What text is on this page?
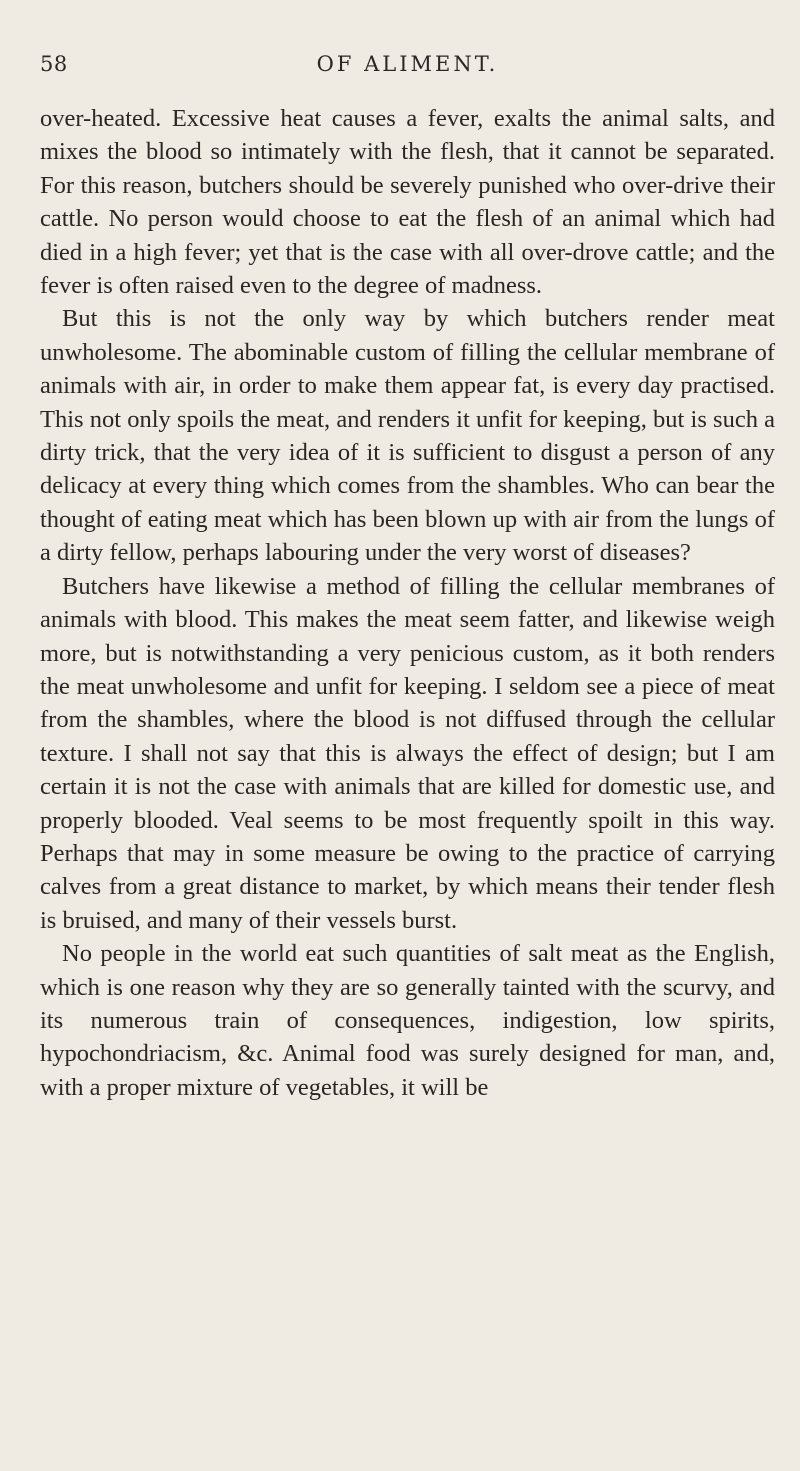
58	OF ALIMENT.

over-heated. Excessive heat causes a fever, exalts the animal salts, and mixes the blood so intimately with the flesh, that it cannot be separated. For this reason, butchers should be severely punished who over-drive their cattle. No person would choose to eat the flesh of an animal which had died in a high fever; yet that is the case with all over-drove cattle; and the fever is often raised even to the degree of madness.

But this is not the only way by which butchers render meat unwholesome. The abominable custom of filling the cellular membrane of animals with air, in order to make them appear fat, is every day practised. This not only spoils the meat, and renders it unfit for keeping, but is such a dirty trick, that the very idea of it is sufficient to disgust a person of any delicacy at every thing which comes from the shambles. Who can bear the thought of eating meat which has been blown up with air from the lungs of a dirty fellow, perhaps labouring under the very worst of diseases?

Butchers have likewise a method of filling the cellular membranes of animals with blood. This makes the meat seem fatter, and likewise weigh more, but is notwithstanding a very penicious custom, as it both renders the meat unwholesome and unfit for keeping. I seldom see a piece of meat from the shambles, where the blood is not diffused through the cellular texture. I shall not say that this is always the effect of design; but I am certain it is not the case with animals that are killed for domestic use, and properly blooded. Veal seems to be most frequently spoilt in this way. Perhaps that may in some measure be owing to the practice of carrying calves from a great distance to market, by which means their tender flesh is bruised, and many of their vessels burst.

No people in the world eat such quantities of salt meat as the English, which is one reason why they are so generally tainted with the scurvy, and its numerous train of consequences, indigestion, low spirits, hypochondriacism, &c. Animal food was surely designed for man, and, with a proper mixture of vegetables, it will be
